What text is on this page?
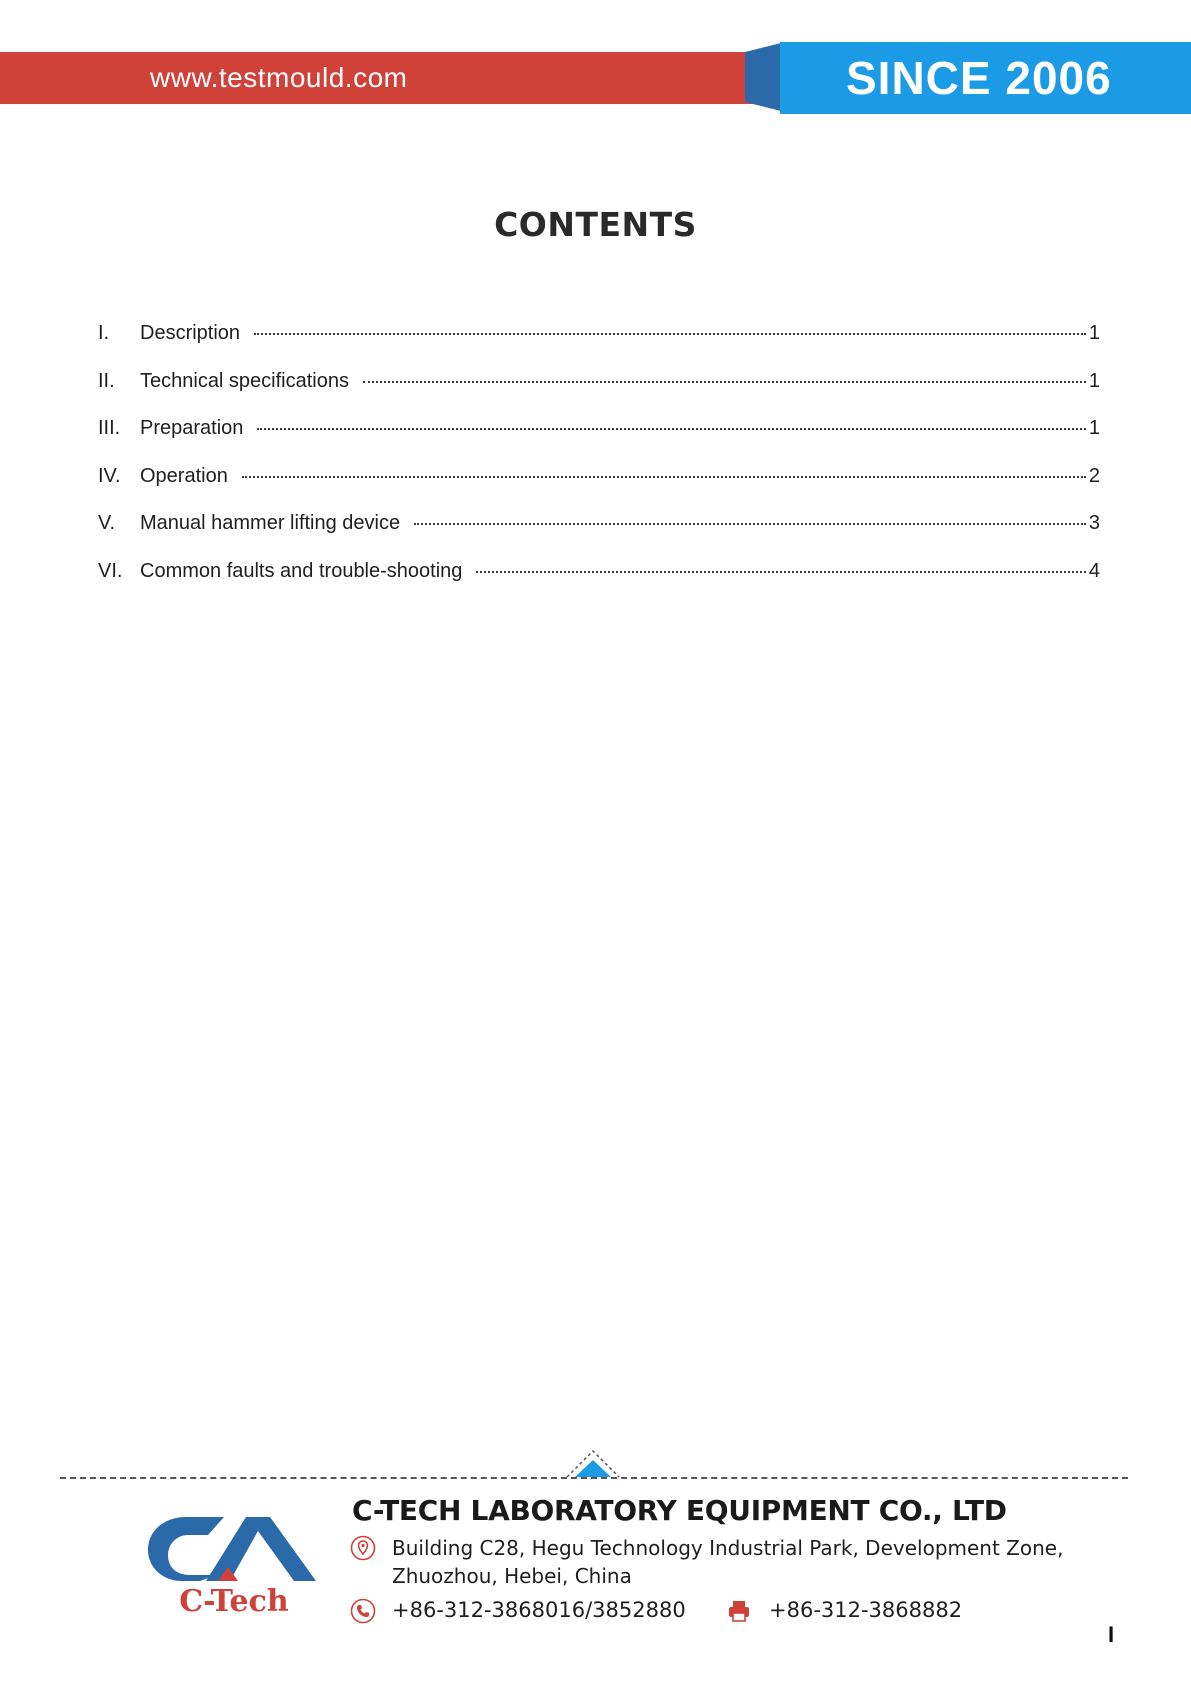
www.testmould.com	SINCE 2006
CONTENTS
I.	Description	1
II.	Technical specifications	1
III. Preparation	1
IV. Operation	2
V.	Manual hammer lifting device	3
VI. Common faults and trouble-shooting	4
C-Tech
C-TECH LABORATORY EQUIPMENT CO., LTD
Building C28, Hegu Technology Industrial Park, Development Zone,
Zhuozhou, Hebei, China
+86-312-3868016/3852880	+86-312-3868882
I
